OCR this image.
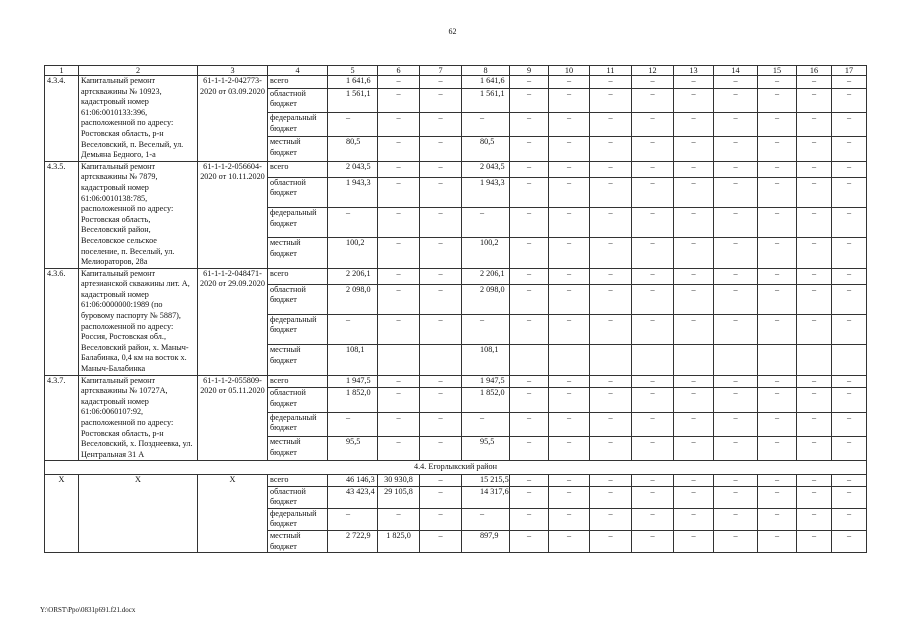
62
1	2	3	4	5	6	7	8	9	10	11	12	13	14	15	16	17
4.3.4.	Капитальный ремонт артскважины № 10923, кадастровый номер 61:06:0010133:396, расположенной по адресу: Ростовская область, р-н Веселовский, п. Веселый, ул. Демьяна Бедного, 1-а	61-1-1-2-042773-2020 от 03.09.2020	всего	1 641,6	–	–	1 641,6	–	–	–	–	–	–	–	–	–
			областной бюджет	1 561,1	–	–	1 561,1	–	–	–	–	–	–	–	–	–
			федеральный бюджет	–	–	–	–	–	–	–	–	–	–	–	–	–
			местный бюджет	80,5	–	–	80,5	–	–	–	–	–	–	–	–	–
4.3.5.	Капитальный ремонт артскважины № 7879, кадастровый номер 61:06:0010138:785, расположенной по адресу: Ростовская область, Веселовский район, Веселовское сельское поселение, п. Веселый, ул. Мелиораторов, 28а	61-1-1-2-056604-2020 от 10.11.2020	всего	2 043,5	–	–	2 043,5	–	–	–	–	–	–	–	–	–
			областной бюджет	1 943,3	–	–	1 943,3	–	–	–	–	–	–	–	–	–
			федеральный бюджет	–	–	–	–	–	–	–	–	–	–	–	–	–
			местный бюджет	100,2	–	–	100,2	–	–	–	–	–	–	–	–	–
4.3.6.	Капитальный ремонт артезианской скважины лит. А, кадастровый номер 61:06:0000000:1989 (по буровому паспорту № 5887), расположенной по адресу: Россия, Ростовская обл., Веселовский район, х. Маныч-Балабинка, 0,4 км на восток х. Маныч-Балабинка	61-1-1-2-048471-2020 от 29.09.2020	всего	2 206,1	–	–	2 206,1	–	–	–	–	–	–	–	–	–
			областной бюджет	2 098,0	–	–	2 098,0	–	–	–	–	–	–	–	–	–
			федеральный бюджет	–	–	–	–	–	–	–	–	–	–	–	–	–
			местный бюджет	108,1			108,1									
4.3.7.	Капитальный ремонт артскважины № 10727А, кадастровый номер 61:06:0060107:92, расположенной по адресу: Ростовская область, р-н Веселовский, х. Позднеевка, ул. Центральная 31 А	61-1-1-2-055809-2020 от 05.11.2020	всего	1 947,5	–	–	1 947,5	–	–	–	–	–	–	–	–	–
			областной бюджет	1 852,0	–	–	1 852,0	–	–	–	–	–	–	–	–	–
			федеральный бюджет	–	–	–	–	–	–	–	–	–	–	–	–	–
			местный бюджет	95,5	–	–	95,5	–	–	–	–	–	–	–	–	–
4.4. Егорлыкский район																
Х	Х	Х	всего	46 146,3	30 930,8	–	15 215,5	–	–	–	–	–	–	–	–	–
			областной бюджет	43 423,4	29 105,8	–	14 317,6	–	–	–	–	–	–	–	–	–
			федеральный бюджет	–	–	–	–	–	–	–	–	–	–	–	–	–
			местный бюджет	2 722,9	1 825,0	–	897,9	–	–	–	–	–	–	–	–	–
Y:\ORST\Ppo\0831p691.f21.docx
